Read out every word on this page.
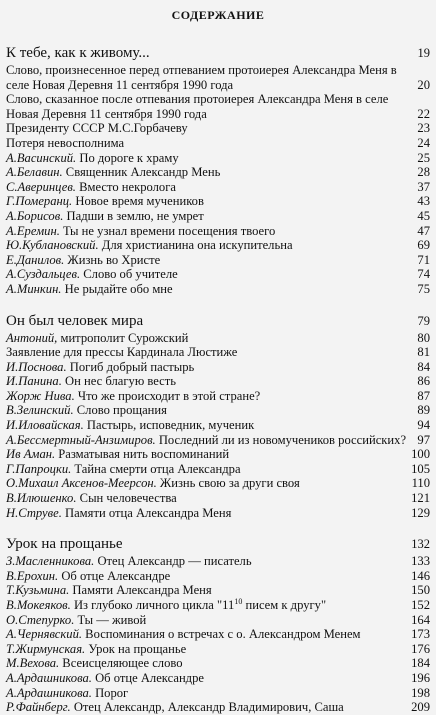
СОДЕРЖАНИЕ
К тебе, как к живому...	19
Слово, произнесенное перед отпеванием протоиерея Александра Меня в селе Новая Деревня 11 сентября 1990 года	20
Слово, сказанное после отпевания протоиерея Александра Меня в селе Новая Деревня 11 сентября 1990 года	22
Президенту СССР М.С.Горбачеву	23
Потеря невосполнима	24
А.Васинский. По дороге к храму	25
А.Белавин. Священник Александр Мень	28
С.Аверинцев. Вместо некролога	37
Г.Померанц. Новое время мучеников	43
А.Борисов. Падши в землю, не умрет	45
А.Еремин. Ты не узнал времени посещения твоего	47
Ю.Кублановский. Для христианина она искупительна	69
Е.Данилов. Жизнь во Христе	71
А.Суздальцев. Слово об учителе	74
А.Минкин. Не рыдайте обо мне	75
Он был человек мира	79
Антоний, митрополит Сурожский	80
Заявление для прессы Кардинала Люстиже	81
И.Поснова. Погиб добрый пастырь	84
И.Панина. Он нес благую весть	86
Жорж Нива. Что же происходит в этой стране?	87
В.Зелинский. Слово прощания	89
И.Иловайская. Пастырь, исповедник, мученик	94
А.Бессмертный-Анзимиров. Последний ли из новомучеников российских? 97
Ив Аман. Разматывая нить воспоминаний	100
Г.Папроцки. Тайна смерти отца Александра	105
О.Михаил Аксенов-Меерсон. Жизнь свою за други своя	110
В.Илюшенко. Сын человечества	121
Н.Струве. Памяти отца Александра Меня	129
Урок на прощанье	132
З.Масленникова. Отец Александр — писатель	133
В.Ерохин. Об отце Александре	146
Т.Кузьмина. Памяти Александра Меня	150
В.Мокеяков. Из глубоко личного цикла "$11^{10}$ писем к другу"	152
О.Степурко. Ты — живой	164
А.Чернявский. Воспоминания о встречах с о. Александром Менем	173
Т.Жирмунская. Урок на прощанье	176
М.Вехова. Всеисцеляющее слово	184
А.Ардашникова. Об отце Александре	196
А.Ардашникова. Порог	198
Р.Файнберг. Отец Александр, Александр Владимирович, Саша	209
